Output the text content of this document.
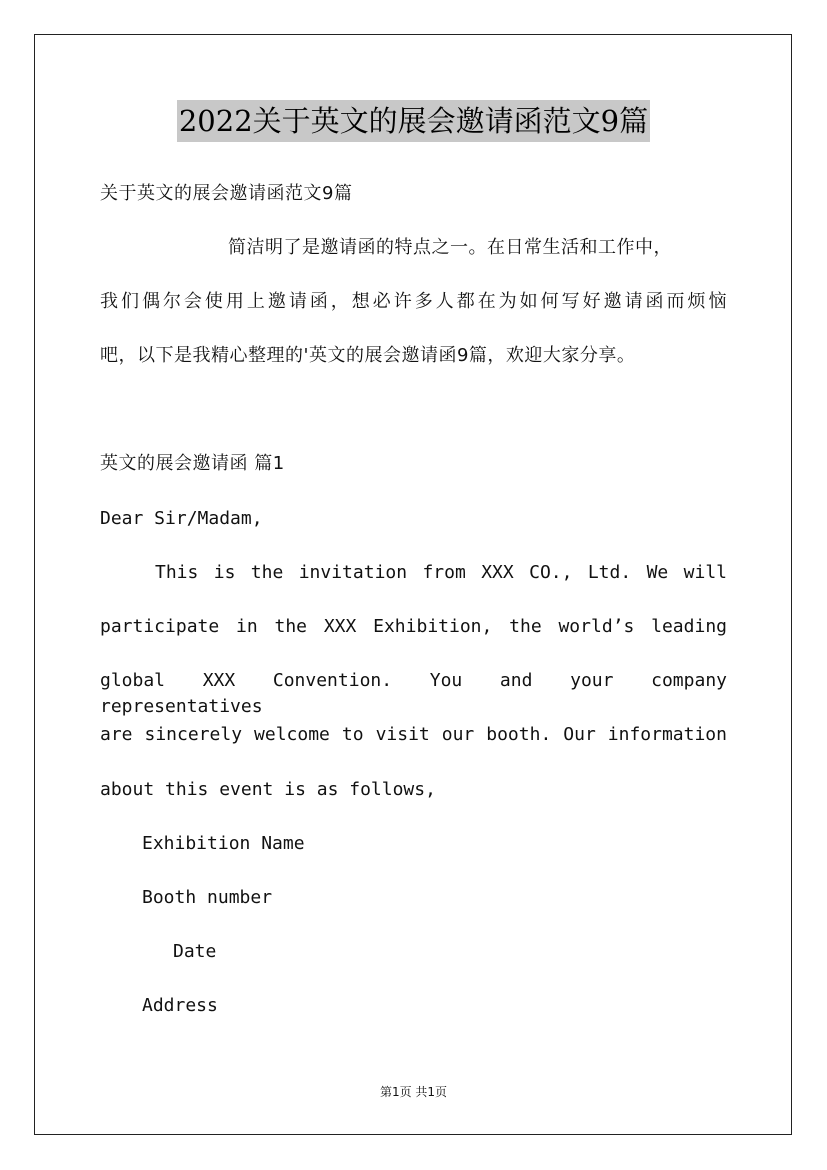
2022关于英文的展会邀请函范文9篇
关于英文的展会邀请函范文9篇
简洁明了是邀请函的特点之一。在日常生活和工作中，
我们偶尔会使用上邀请函，想必许多人都在为如何写好邀请函而烦恼
吧，以下是我精心整理的'英文的展会邀请函9篇，欢迎大家分享。
英文的展会邀请函 篇1
Dear Sir/Madam,
This is the invitation from XXX CO., Ltd. We will
participate in the XXX Exhibition, the world’s leading
global XXX Convention. You and your company representatives
are sincerely welcome to visit our booth. Our information
about this event is as follows,
Exhibition Name
Booth number
Date
Address
第1页 共1页
